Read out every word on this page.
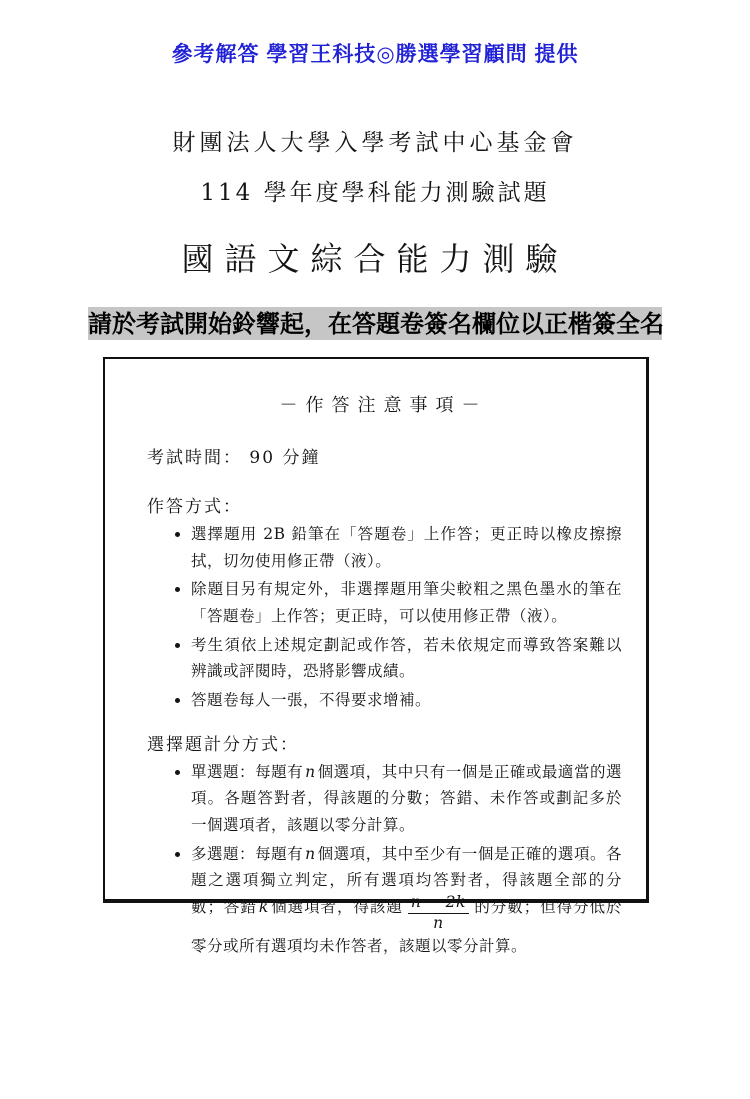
參考解答 學習王科技◎勝選學習顧問 提供
財團法人大學入學考試中心基金會
114 學年度學科能力測驗試題
國語文綜合能力測驗
請於考試開始鈴響起，在答題卷簽名欄位以正楷簽全名
－作答注意事項－
考試時間： 90 分鐘
作答方式：
• 選擇題用 2B 鉛筆在「答題卷」上作答；更正時以橡皮擦擦拭，切勿使用修正帶（液）。
• 除題目另有規定外，非選擇題用筆尖較粗之黑色墨水的筆在「答題卷」上作答；更正時，可以使用修正帶（液）。
• 考生須依上述規定劃記或作答，若未依規定而導致答案難以辨識或評閱時，恐將影響成績。
• 答題卷每人一張，不得要求增補。
選擇題計分方式：
• 單選題：每題有 n 個選項，其中只有一個是正確或最適當的選項。各題答對者，得該題的分數；答錯、未作答或劃記多於一個選項者，該題以零分計算。
• 多選題：每題有 n 個選項，其中至少有一個是正確的選項。各題之選項獨立判定，所有選項均答對者，得該題全部的分數；答錯 k 個選項者，得該題 $\frac{n - 2k}{n}$ 的分數；但得分低於零分或所有選項均未作答者，該題以零分計算。
